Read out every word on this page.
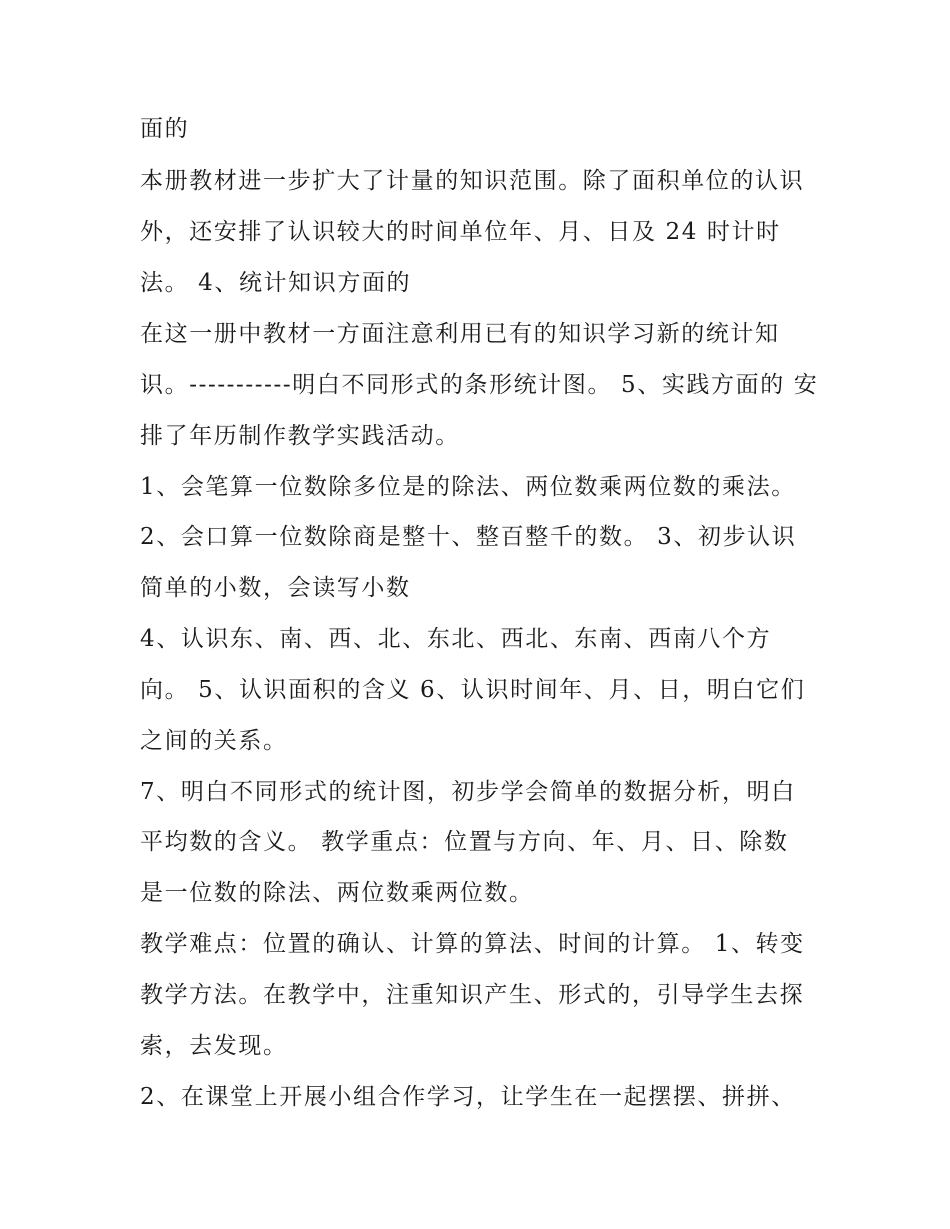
面的
本册教材进一步扩大了计量的知识范围。除了面积单位的认识
外，还安排了认识较大的时间单位年、月、日及 24 时计时
法。 4、统计知识方面的
在这一册中教材一方面注意利用已有的知识学习新的统计知
识。-----------明白不同形式的条形统计图。 5、实践方面的 安
排了年历制作教学实践活动。
1、会笔算一位数除多位是的除法、两位数乘两位数的乘法。
2、会口算一位数除商是整十、整百整千的数。 3、初步认识
简单的小数，会读写小数
4、认识东、南、西、北、东北、西北、东南、西南八个方
向。 5、认识面积的含义 6、认识时间年、月、日，明白它们
之间的关系。
7、明白不同形式的统计图，初步学会简单的数据分析，明白
平均数的含义。 教学重点：位置与方向、年、月、日、除数
是一位数的除法、两位数乘两位数。
教学难点：位置的确认、计算的算法、时间的计算。 1、转变
教学方法。在教学中，注重知识产生、形式的，引导学生去探
索，去发现。
2、在课堂上开展小组合作学习，让学生在一起摆摆、拼拼、
